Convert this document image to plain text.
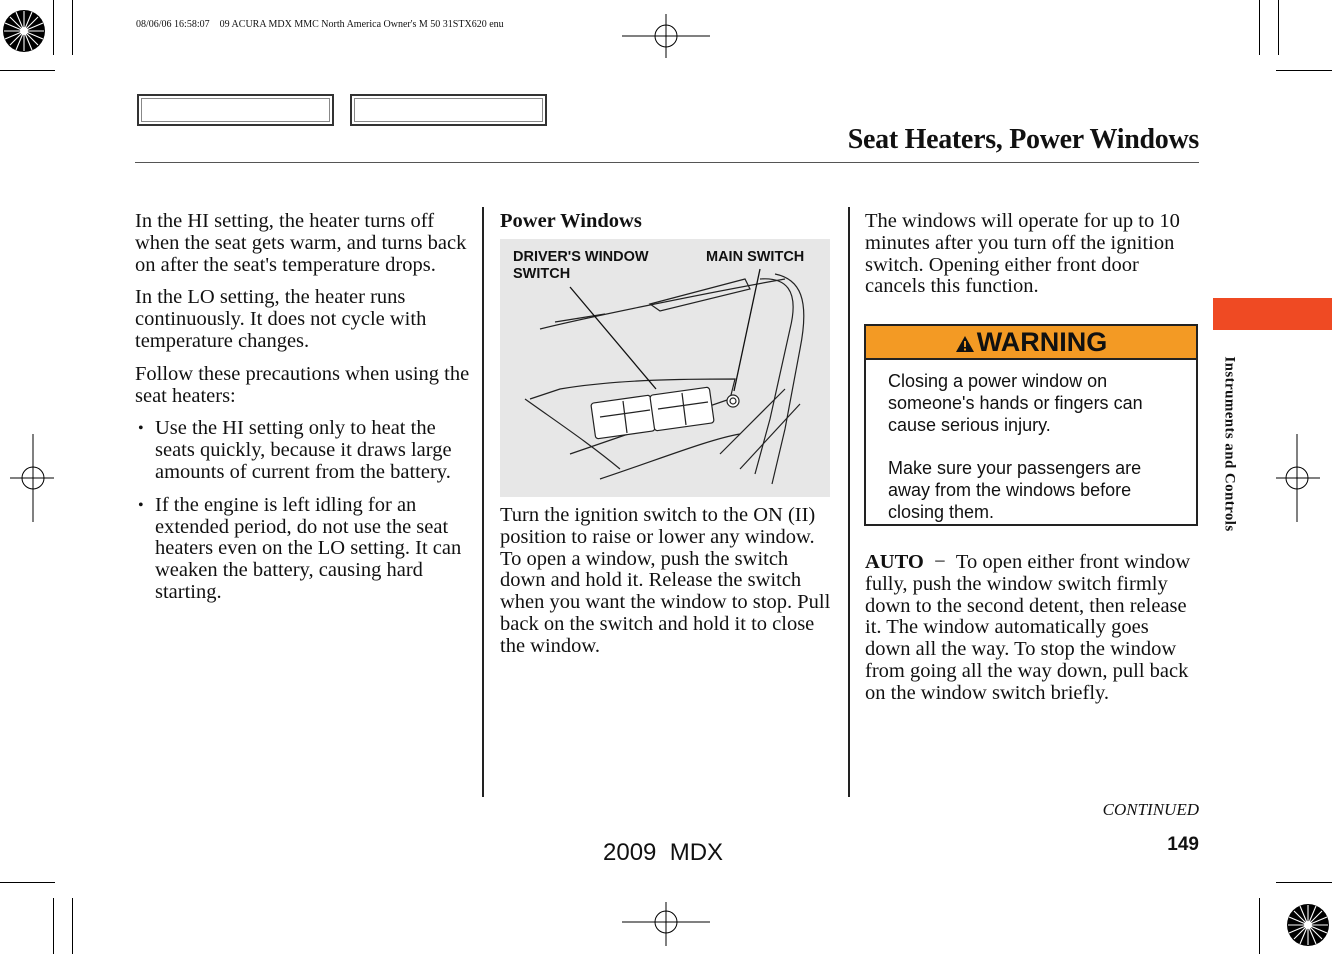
08/06/06 16:58:07    09 ACURA MDX MMC North America Owner's M 50 31STX620 enu
Seat Heaters, Power Windows
Instruments and Controls

In the HI setting, the heater turns off when the seat gets warm, and turns back on after the seat's temperature drops.

In the LO setting, the heater runs continuously. It does not cycle with temperature changes.

Follow these precautions when using the seat heaters:

• Use the HI setting only to heat the seats quickly, because it draws large amounts of current from the battery.
• If the engine is left idling for an extended period, do not use the seat heaters even on the LO setting. It can weaken the battery, causing hard starting.
Power Windows
DRIVER'S WINDOW SWITCH
MAIN SWITCH

Turn the ignition switch to the ON (II) position to raise or lower any window. To open a window, push the switch down and hold it. Release the switch when you want the window to stop. Pull back on the switch and hold it to close the window.

The windows will operate for up to 10 minutes after you turn off the ignition switch. Opening either front door cancels this function.

WARNING

Closing a power window on someone's hands or fingers can cause serious injury.

Make sure your passengers are away from the windows before closing them.

AUTO − To open either front window fully, push the window switch firmly down to the second detent, then release it. The window automatically goes down all the way. To stop the window from going all the way down, pull back on the window switch briefly.
CONTINUED
149
2009  MDX
